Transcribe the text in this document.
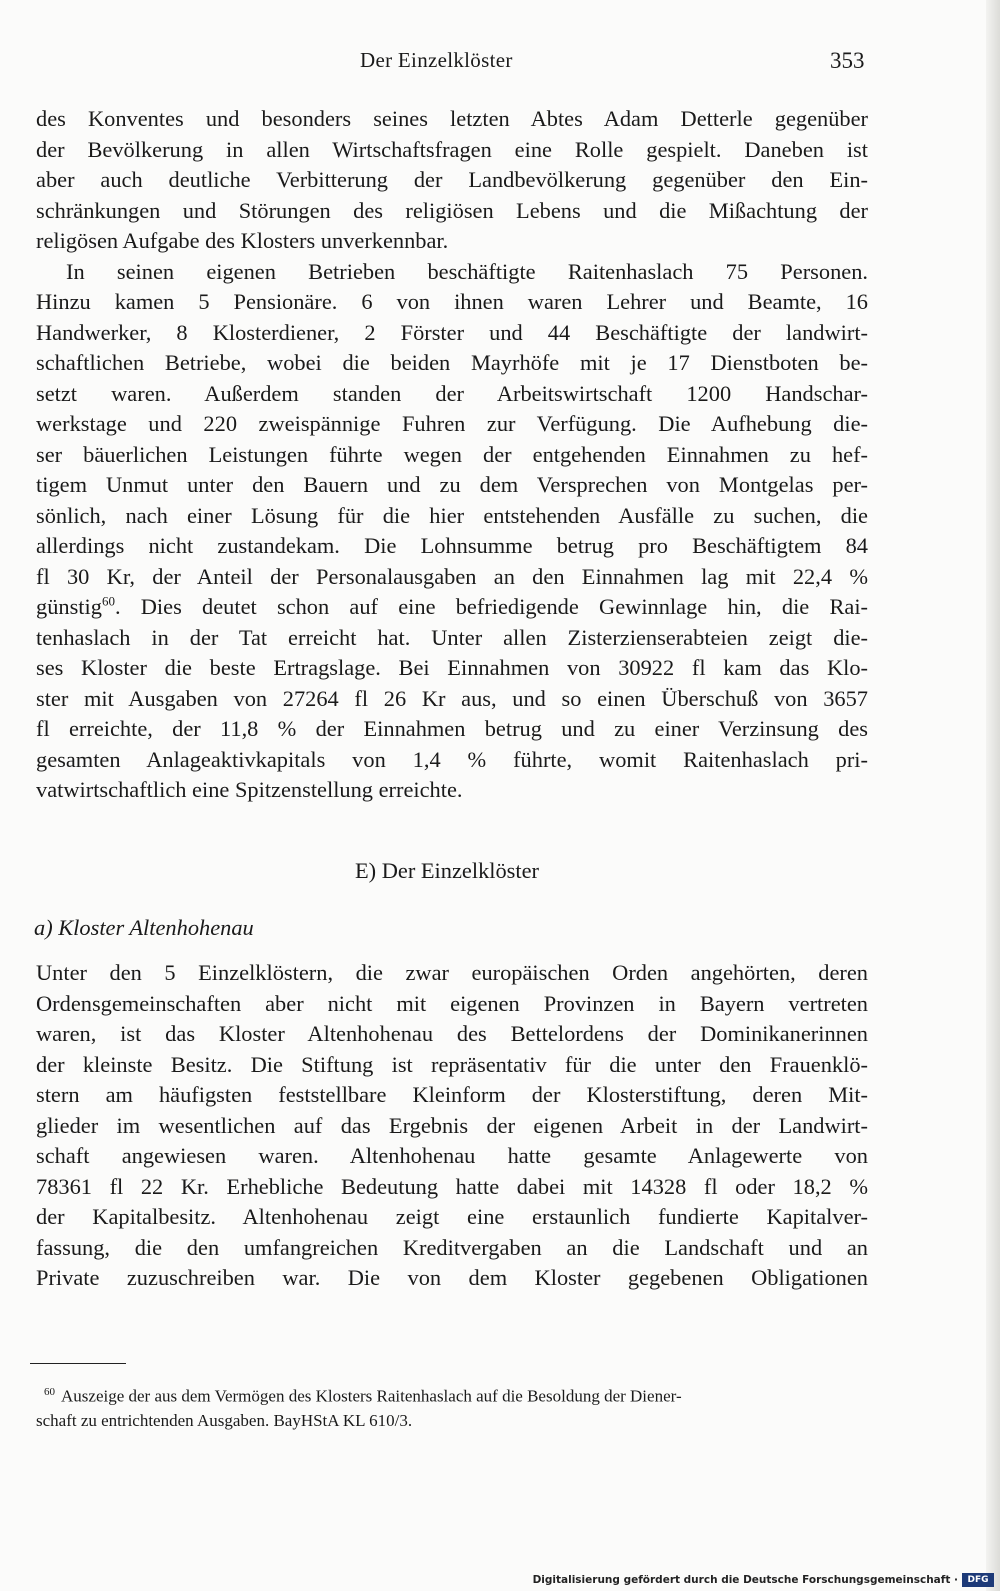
Der Einzelklöster	353
des Konventes und besonders seines letzten Abtes Adam Detterle gegenüber
der Bevölkerung in allen Wirtschaftsfragen eine Rolle gespielt. Daneben ist
aber auch deutliche Verbitterung der Landbevölkerung gegenüber den Ein-
schränkungen und Störungen des religiösen Lebens und die Mißachtung der
religösen Aufgabe des Klosters unverkennbar.
In seinen eigenen Betrieben beschäftigte Raitenhaslach 75 Personen.
Hinzu kamen 5 Pensionäre. 6 von ihnen waren Lehrer und Beamte, 16
Handwerker, 8 Klosterdiener, 2 Förster und 44 Beschäftigte der landwirt-
schaftlichen Betriebe, wobei die beiden Mayrhöfe mit je 17 Dienstboten be-
setzt waren. Außerdem standen der Arbeitswirtschaft 1200 Handschar-
werkstage und 220 zweispännige Fuhren zur Verfügung. Die Aufhebung die-
ser bäuerlichen Leistungen führte wegen der entgehenden Einnahmen zu hef-
tigem Unmut unter den Bauern und zu dem Versprechen von Montgelas per-
sönlich, nach einer Lösung für die hier entstehenden Ausfälle zu suchen, die
allerdings nicht zustandekam. Die Lohnsumme betrug pro Beschäftigtem 84
fl 30 Kr, der Anteil der Personalausgaben an den Einnahmen lag mit 22,4 %
günstig$^{60}$. Dies deutet schon auf eine befriedigende Gewinnlage hin, die Rai-
tenhaslach in der Tat erreicht hat. Unter allen Zisterzienserabteien zeigt die-
ses Kloster die beste Ertragslage. Bei Einnahmen von 30922 fl kam das Klo-
ster mit Ausgaben von 27264 fl 26 Kr aus, und so einen Überschuß von 3657
fl erreichte, der 11,8 % der Einnahmen betrug und zu einer Verzinsung des
gesamten Anlageaktivkapitals von 1,4 % führte, womit Raitenhaslach pri-
vatwirtschaftlich eine Spitzenstellung erreichte.
E) Der Einzelklöster
a) Kloster Altenhohenau
Unter den 5 Einzelklöstern, die zwar europäischen Orden angehörten, deren
Ordensgemeinschaften aber nicht mit eigenen Provinzen in Bayern vertreten
waren, ist das Kloster Altenhohenau des Bettelordens der Dominikanerinnen
der kleinste Besitz. Die Stiftung ist repräsentativ für die unter den Frauenklö-
stern am häufigsten feststellbare Kleinform der Klosterstiftung, deren Mit-
glieder im wesentlichen auf das Ergebnis der eigenen Arbeit in der Landwirt-
schaft angewiesen waren. Altenhohenau hatte gesamte Anlagewerte von
78361 fl 22 Kr. Erhebliche Bedeutung hatte dabei mit 14328 fl oder 18,2 %
der Kapitalbesitz. Altenhohenau zeigt eine erstaunlich fundierte Kapitalver-
fassung, die den umfangreichen Kreditvergaben an die Landschaft und an
Private zuzuschreiben war. Die von dem Kloster gegebenen Obligationen
$^{60}$ Auszeige der aus dem Vermögen des Klosters Raitenhaslach auf die Besoldung der Diener-
schaft zu entrichtenden Ausgaben. BayHStA KL 610/3.
Digitalisierung gefördert durch die Deutsche Forschungsgemeinschaft ·	DFG
